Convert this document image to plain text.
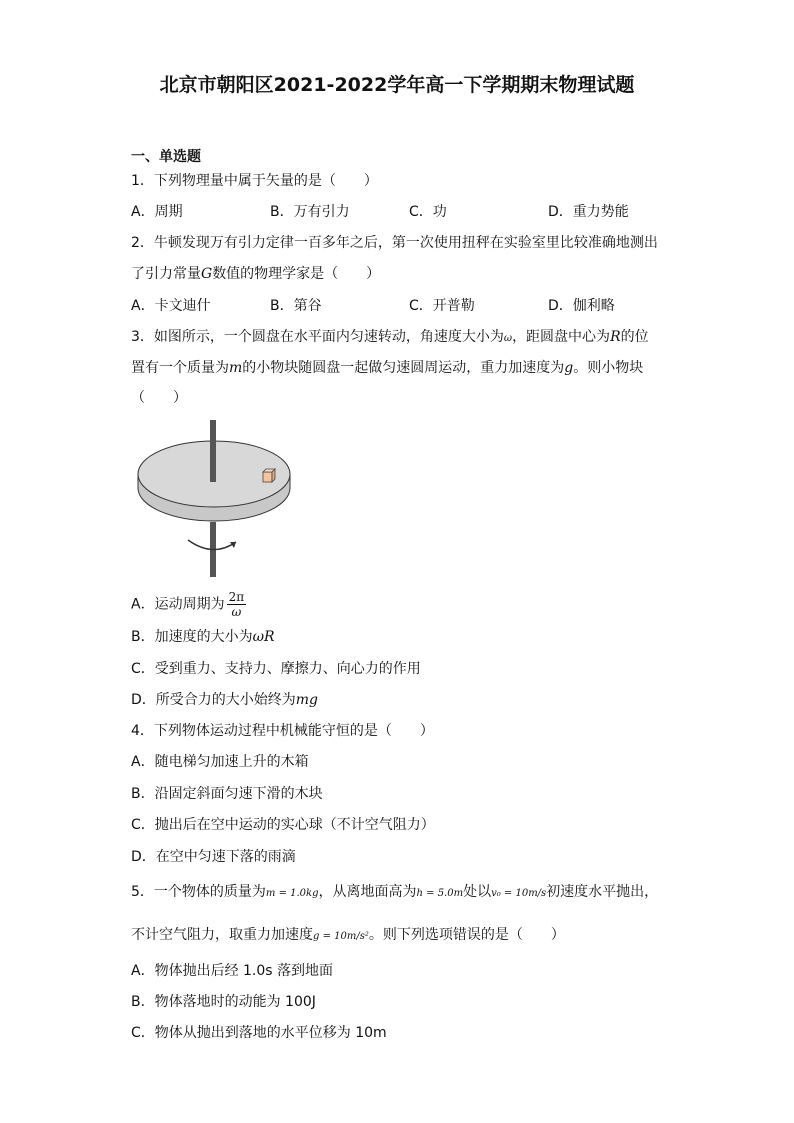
北京市朝阳区2021-2022学年高一下学期期末物理试题
一、单选题
1．下列物理量中属于矢量的是（　　）
A．周期	B．万有引力	C．功	D．重力势能
2．牛顿发现万有引力定律一百多年之后，第一次使用扭秤在实验室里比较准确地测出
了引力常量G数值的物理学家是（　　）
A．卡文迪什	B．第谷	C．开普勒	D．伽利略
3．如图所示，一个圆盘在水平面内匀速转动，角速度大小为ω，距圆盘中心为R的位
置有一个质量为m的小物块随圆盘一起做匀速圆周运动，重力加速度为g。则小物块
（　　）
A．运动周期为 $\frac{2\pi}{\omega}$
B．加速度的大小为ωR
C．受到重力、支持力、摩擦力、向心力的作用
D．所受合力的大小始终为mg
4．下列物体运动过程中机械能守恒的是（　　）
A．随电梯匀加速上升的木箱
B．沿固定斜面匀速下滑的木块
C．抛出后在空中运动的实心球（不计空气阻力）
D．在空中匀速下落的雨滴
5．一个物体的质量为m = 1.0kg，从离地面高为h = 5.0m处以v₀ = 10m/s初速度水平抛出，
不计空气阻力，取重力加速度g = 10m/s²。则下列选项错误的是（　　）
A．物体抛出后经 1.0s 落到地面
B．物体落地时的动能为 100J
C．物体从抛出到落地的水平位移为 10m
